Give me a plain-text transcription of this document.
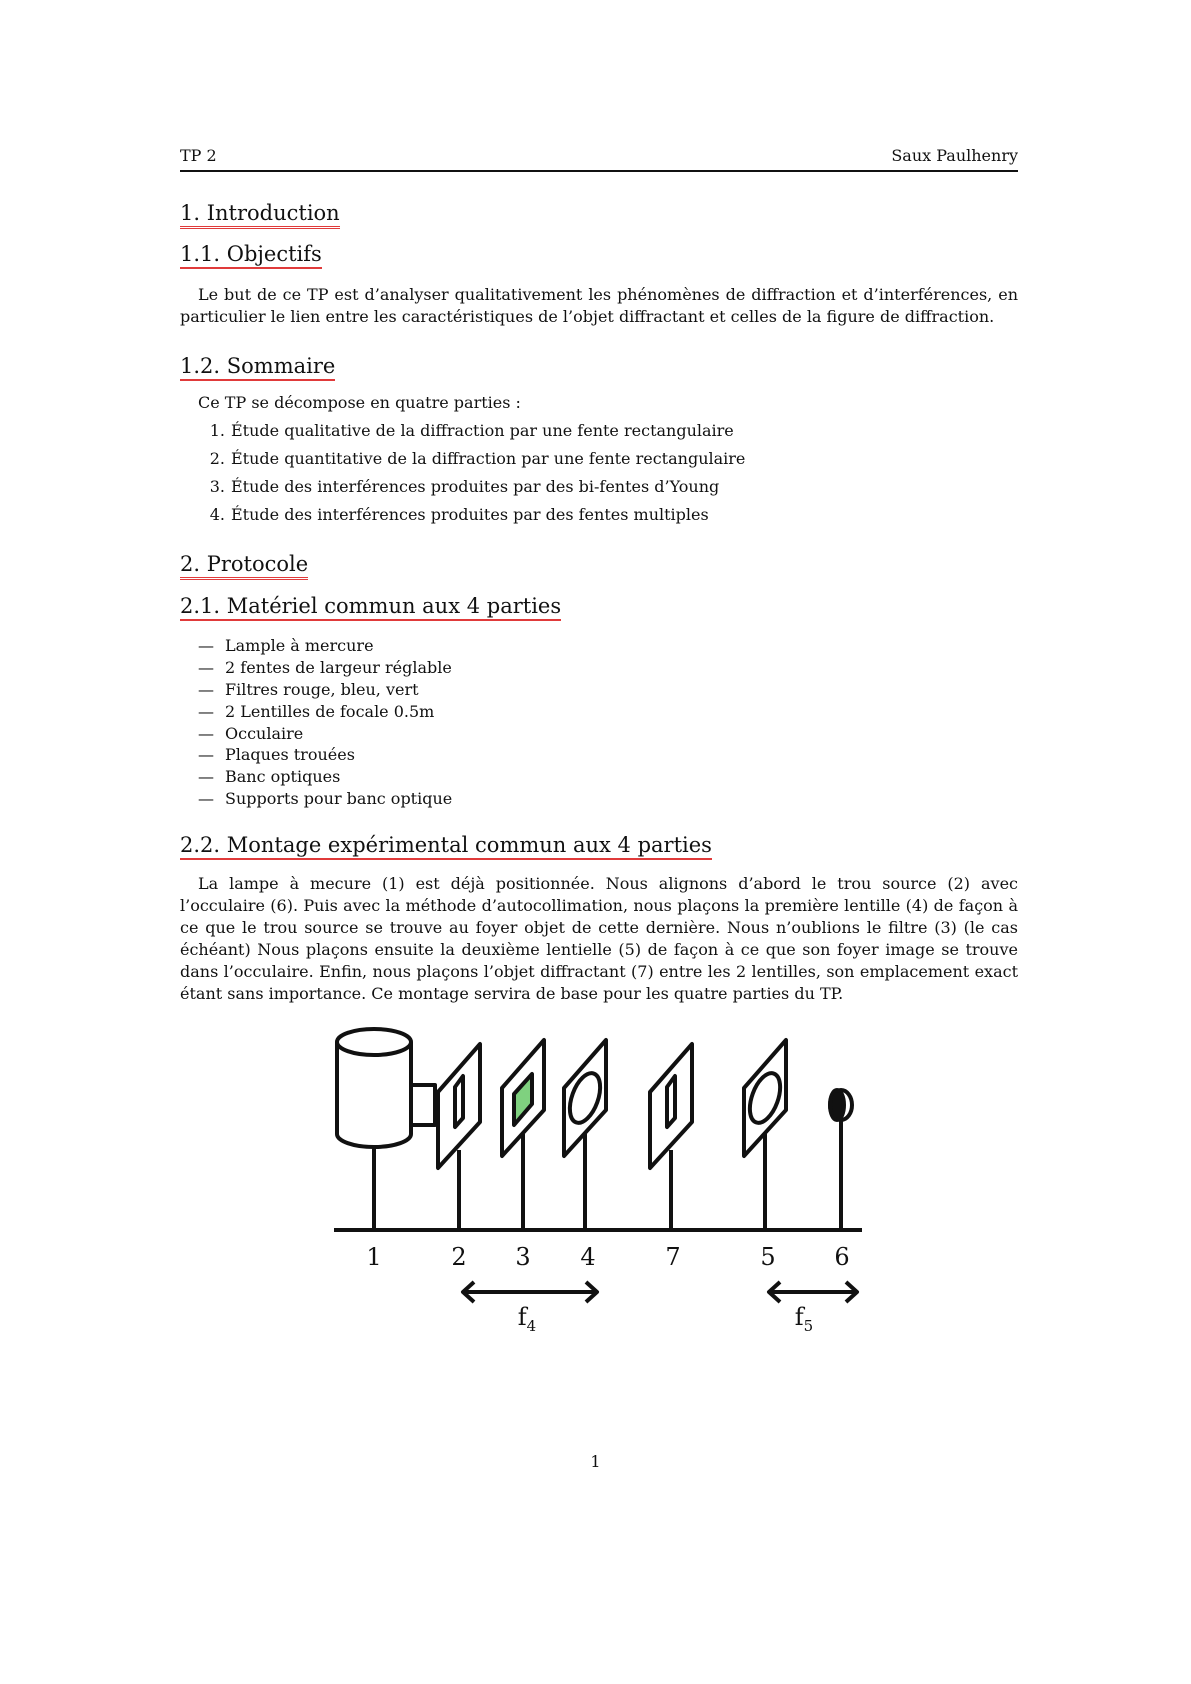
TP 2	Saux Paulhenry
1. Introduction
1.1. Objectifs

Le but de ce TP est d’analyser qualitativement les phénomènes de diffraction et d’interférences, en particulier le lien entre les caractéristiques de l’objet diffractant et celles de la figure de diffraction.

1.2. Sommaire

Ce TP se décompose en quatre parties :

1. Étude qualitative de la diffraction par une fente rectangulaire
2. Étude quantitative de la diffraction par une fente rectangulaire
3. Étude des interférences produites par des bi-fentes d’Young
4. Étude des interférences produites par des fentes multiples
2. Protocole
2.1. Matériel commun aux 4 parties
— Lample à mercure
— 2 fentes de largeur réglable
— Filtres rouge, bleu, vert
— 2 Lentilles de focale 0.5m
— Occulaire
— Plaques trouées
— Banc optiques
— Supports pour banc optique
2.2. Montage expérimental commun aux 4 parties

La lampe à mecure (1) est déjà positionnée. Nous alignons d’abord le trou source (2) avec l’occulaire (6). Puis avec la méthode d’autocollimation, nous plaçons la première lentille (4) de façon à ce que le trou source se trouve au foyer objet de cette dernière. Nous n’oublions le filtre (3) (le cas échéant) Nous plaçons ensuite la deuxième lentielle (5) de façon à ce que son foyer image se trouve dans l’occulaire. Enfin, nous plaçons l’objet diffractant (7) entre les 2 lentilles, son emplacement exact étant sans importance. Ce montage servira de base pour les quatre parties du TP.

1	2 3 4	7	5 6
$f_4$	$f_5$
1
